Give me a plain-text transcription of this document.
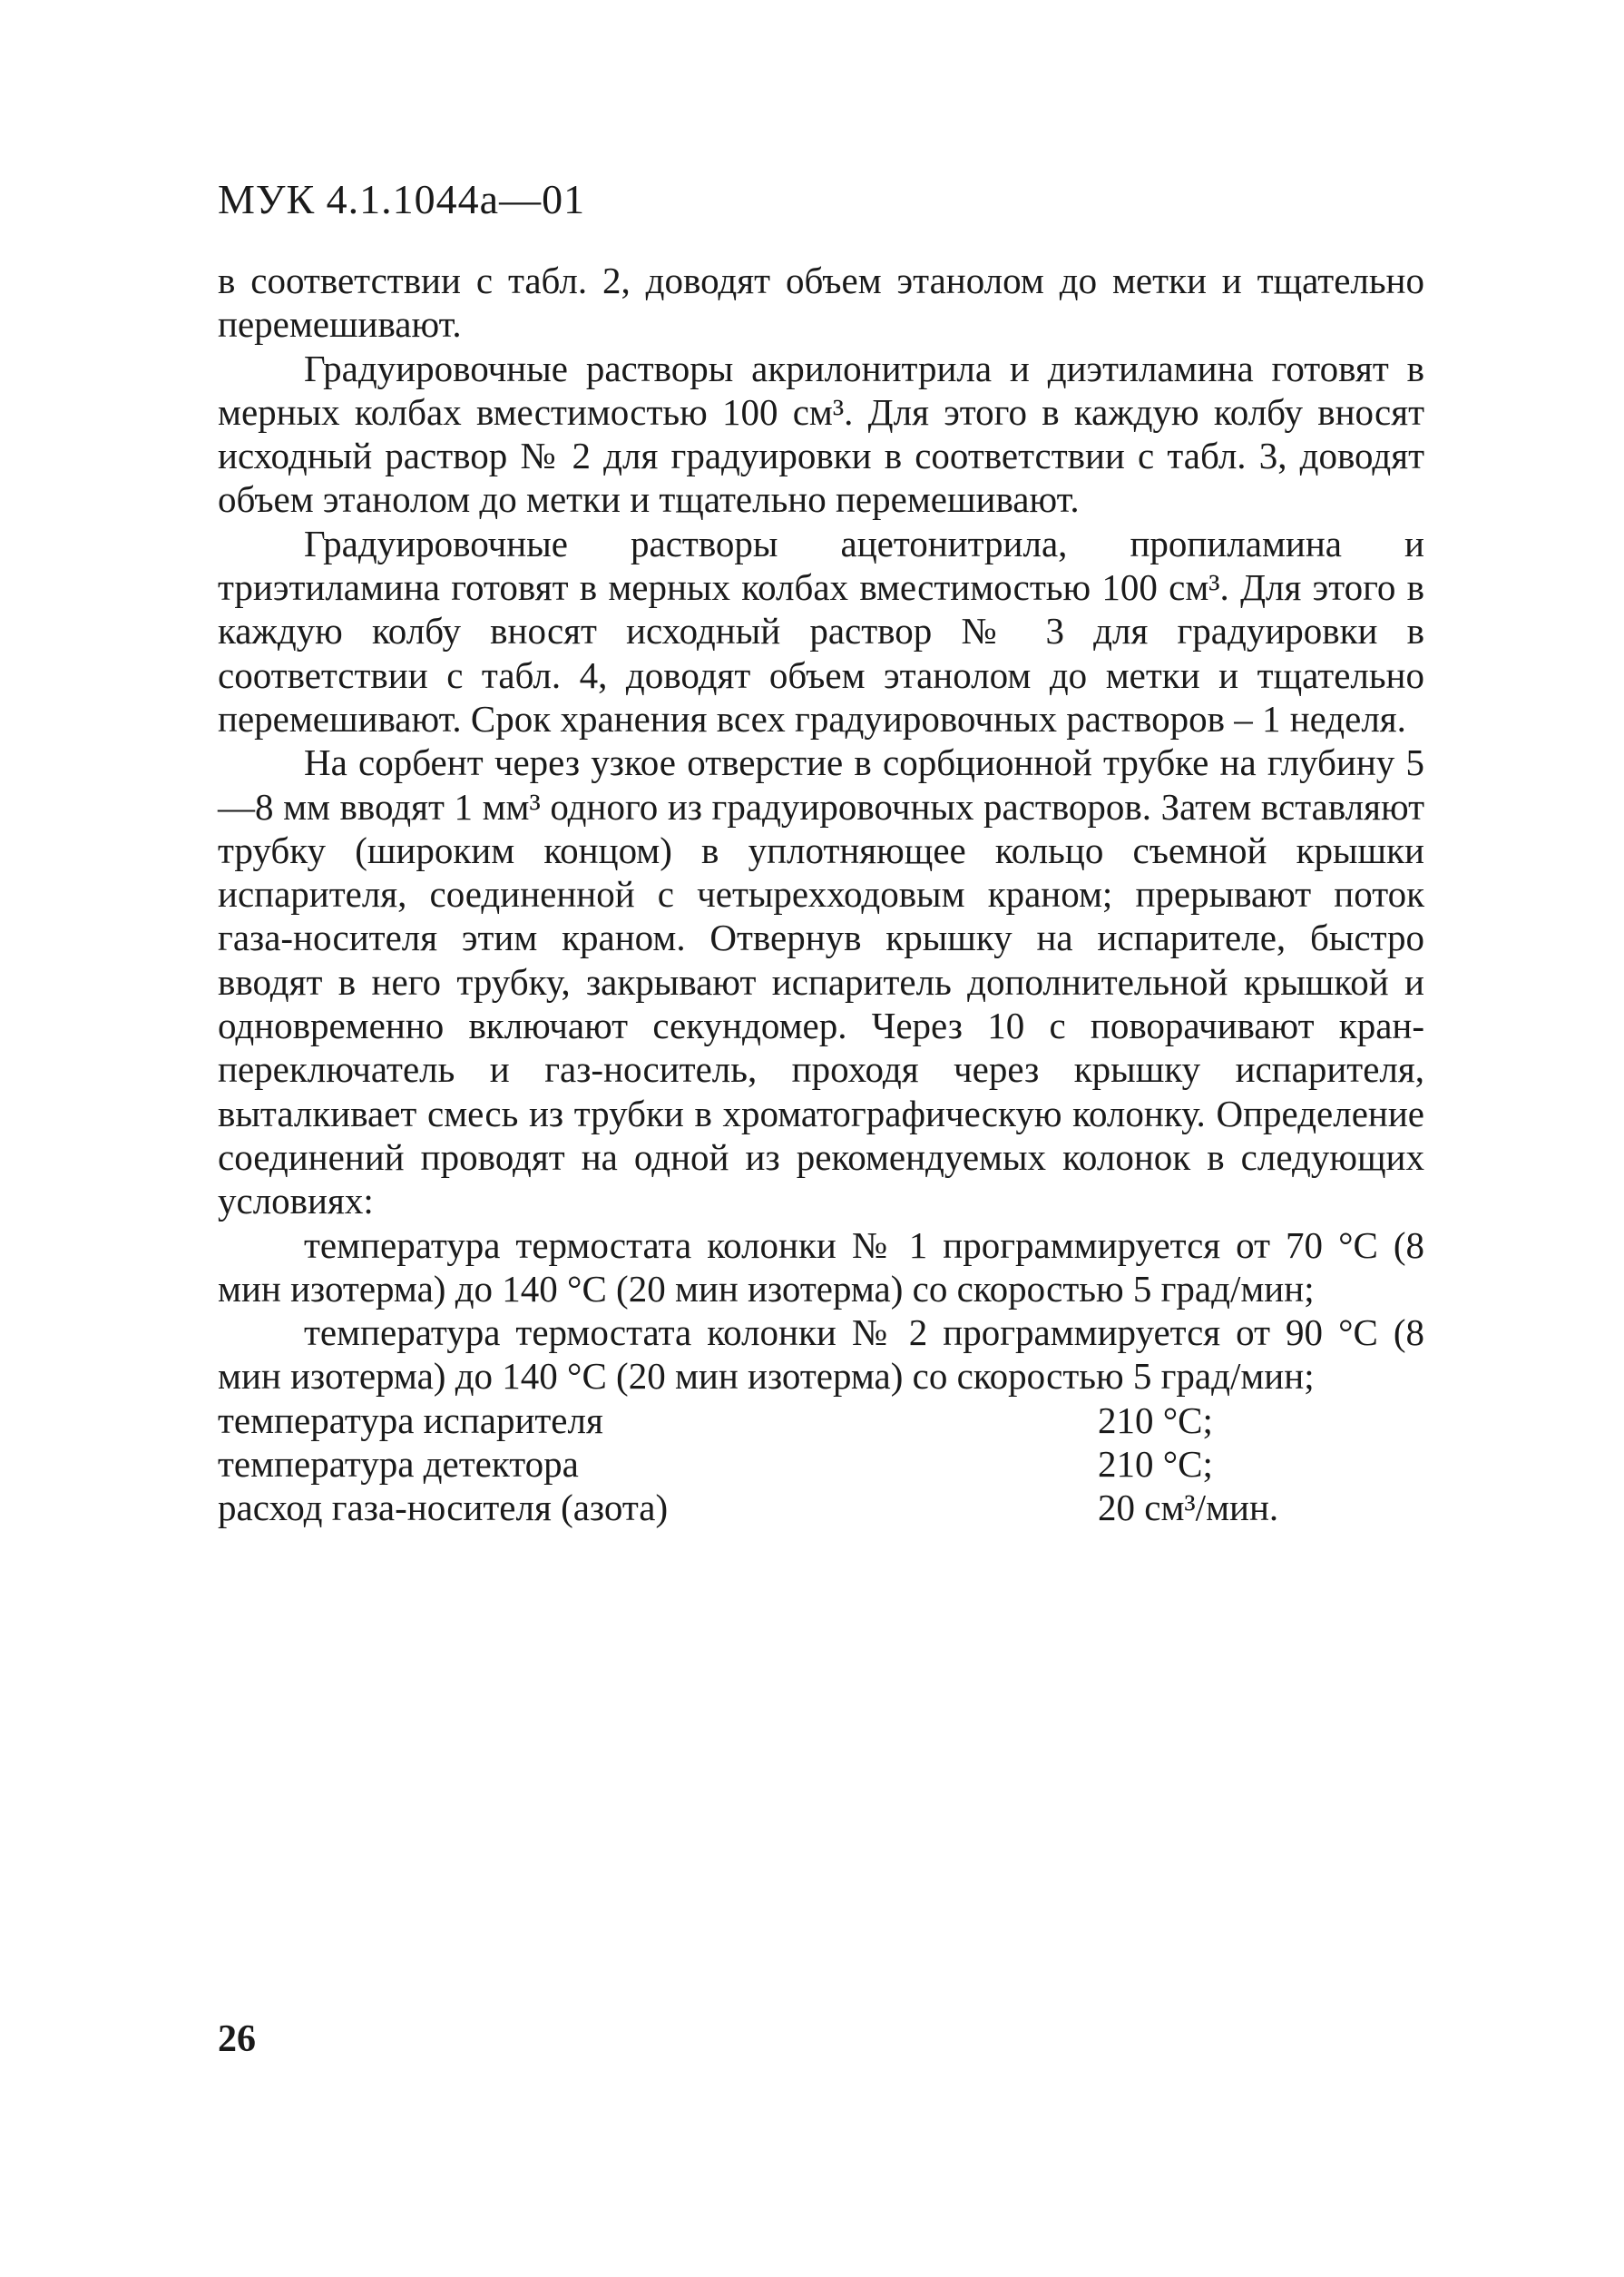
МУК 4.1.1044а—01

в соответствии с табл. 2, доводят объем этанолом до метки и тщательно перемешивают.

Градуировочные растворы акрилонитрила и диэтиламина готовят в мерных колбах вместимостью 100 см³. Для этого в каждую колбу вносят исходный раствор № 2 для градуировки в соответствии с табл. 3, доводят объем этанолом до метки и тщательно перемешивают.

Градуировочные растворы ацетонитрила, пропиламина и триэтиламина готовят в мерных колбах вместимостью 100 см³. Для этого в каждую колбу вносят исходный раствор № 3 для градуировки в соответствии с табл. 4, доводят объем этанолом до метки и тщательно перемешивают. Срок хранения всех градуировочных растворов – 1 неделя.

На сорбент через узкое отверстие в сорбционной трубке на глубину 5—8 мм вводят 1 мм³ одного из градуировочных растворов. Затем вставляют трубку (широким концом) в уплотняющее кольцо съемной крышки испарителя, соединенной с четырехходовым краном; прерывают поток газа-носителя этим краном. Отвернув крышку на испарителе, быстро вводят в него трубку, закрывают испаритель дополнительной крышкой и одновременно включают секундомер. Через 10 с поворачивают кран-переключатель и газ-носитель, проходя через крышку испарителя, выталкивает смесь из трубки в хроматографическую колонку. Определение соединений проводят на одной из рекомендуемых колонок в следующих условиях:

температура термостата колонки № 1 программируется от 70 °С (8 мин изотерма) до 140 °С (20 мин изотерма) со скоростью 5 град/мин;

температура термостата колонки № 2 программируется от 90 °С (8 мин изотерма) до 140 °С (20 мин изотерма) со скоростью 5 град/мин;

температура испарителя	210 °С;
температура детектора	210 °С;
расход газа-носителя (азота)	20 см³/мин.
26
